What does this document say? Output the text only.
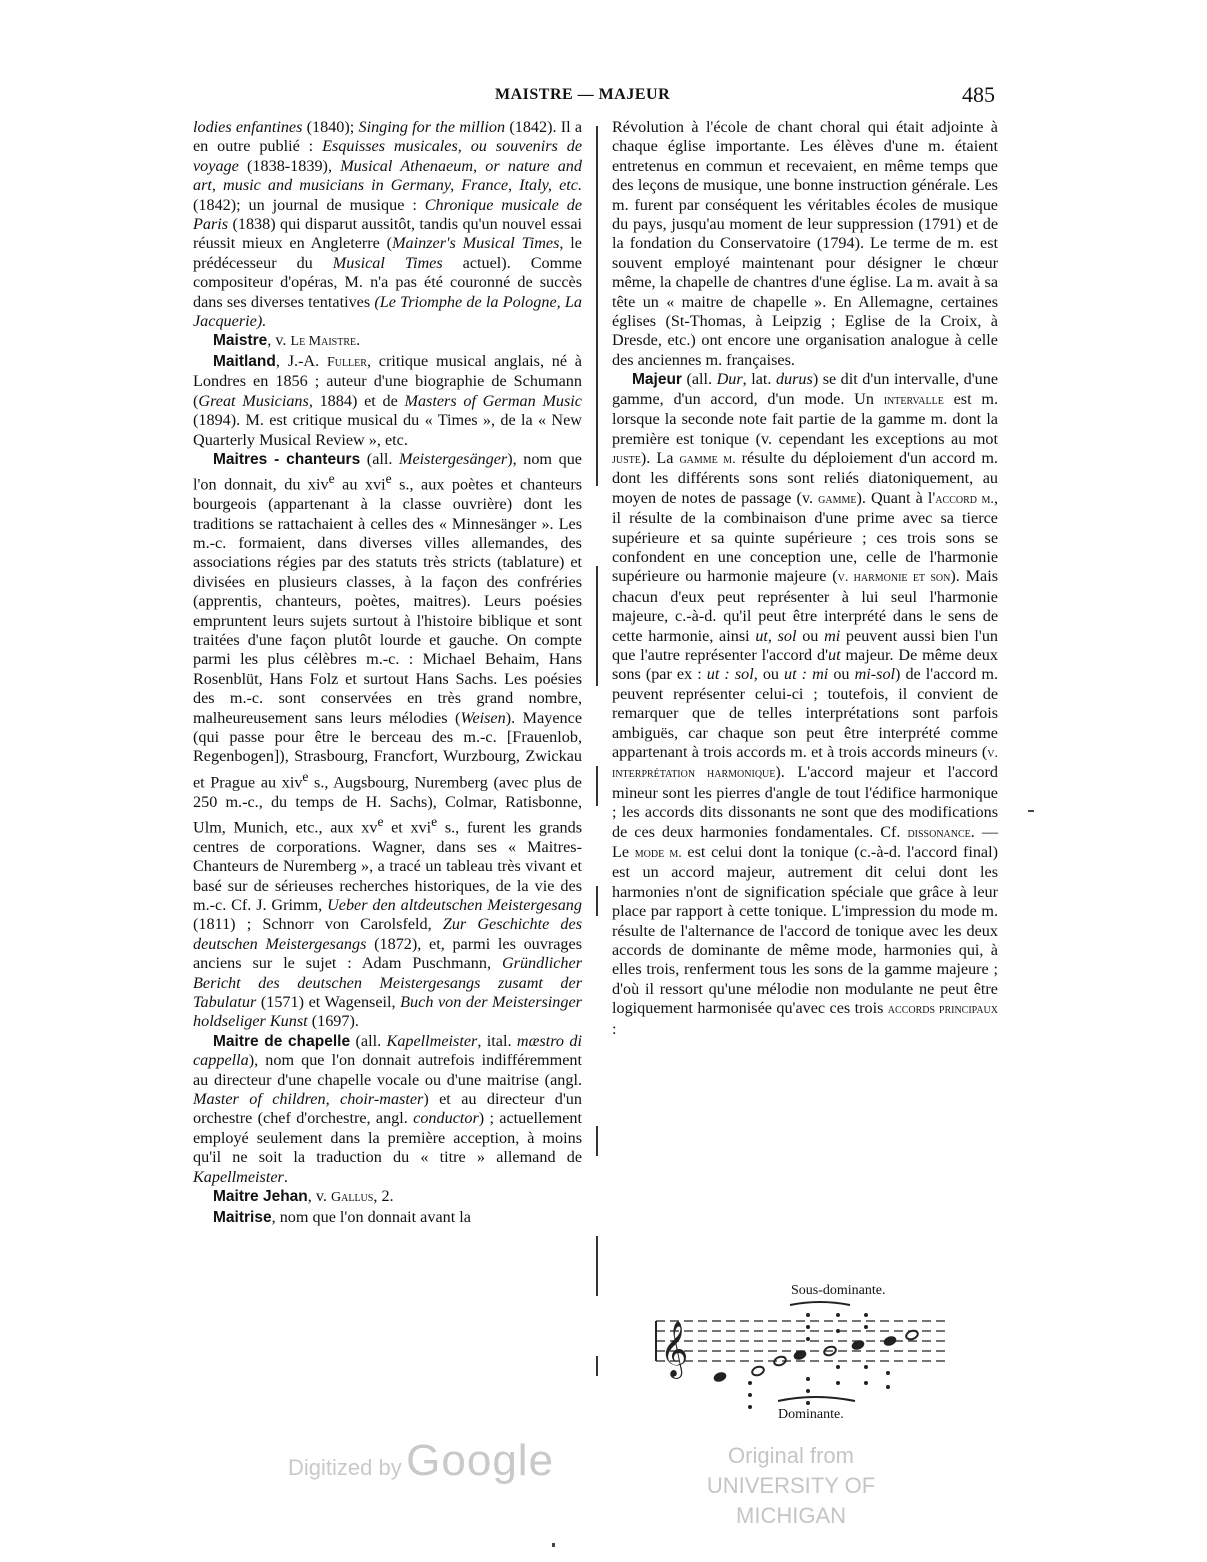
MAISTRE — MAJEUR	485

lodies enfantines (1840); Singing for the million (1842). Il a en outre publié : Esquisses musicales, ou souvenirs de voyage (1838-1839), Musical Athenaeum, or nature and art, music and musicians in Germany, France, Italy, etc. (1842); un journal de musique : Chronique musicale de Paris (1838) qui disparut aussitôt, tandis qu'un nouvel essai réussit mieux en Angleterre (Mainzer's Musical Times, le prédécesseur du Musical Times actuel). Comme compositeur d'opéras, M. n'a pas été couronné de succès dans ses diverses tentatives (Le Triomphe de la Pologne, La Jacquerie).

Maistre, v. Le Maistre.

Maitland, J.-A. Fuller, critique musical anglais, né à Londres en 1856 ; auteur d'une biographie de Schumann (Great Musicians, 1884) et de Masters of German Music (1894). M. est critique musical du « Times », de la « New Quarterly Musical Review », etc.

Maitres - chanteurs (all. Meistergesänger), nom que l'on donnait, du xiv$^e$ au xvi$^e$ s., aux poètes et chanteurs bourgeois (appartenant à la classe ouvrière) dont les traditions se rattachaient à celles des « Minnesänger ». Les m.-c. formaient, dans diverses villes allemandes, des associations régies par des statuts très stricts (tablature) et divisées en plusieurs classes, à la façon des confréries (apprentis, chanteurs, poètes, maitres). Leurs poésies empruntent leurs sujets surtout à l'histoire biblique et sont traitées d'une façon plutôt lourde et gauche. On compte parmi les plus célèbres m.-c. : Michael Behaim, Hans Rosenblüt, Hans Folz et surtout Hans Sachs. Les poésies des m.-c. sont conservées en très grand nombre, malheureusement sans leurs mélodies (Weisen). Mayence (qui passe pour être le berceau des m.-c. [Frauenlob, Regenbogen]), Strasbourg, Francfort, Wurzbourg, Zwickau et Prague au xiv$^e$ s., Augsbourg, Nuremberg (avec plus de 250 m.-c., du temps de H. Sachs), Colmar, Ratisbonne, Ulm, Munich, etc., aux $xv^e$ et xvi$^e$ s., furent les grands centres de corporations. Wagner, dans ses « Maitres-Chanteurs de Nuremberg », a tracé un tableau très vivant et basé sur de sérieuses recherches historiques, de la vie des m.-c. Cf. J. Grimm, Ueber den altdeutschen Meistergesang (1811) ; Schnorr von Carolsfeld, Zur Geschichte des deutschen Meistergesangs (1872), et, parmi les ouvrages anciens sur le sujet : Adam Puschmann, Gründlicher Bericht des deutschen Meistergesangs zusamt der Tabulatur (1571) et Wagenseil, Buch von der Meistersinger holdseliger Kunst (1697).

Maitre de chapelle (all. Kapellmeister, ital. mæstro di cappella), nom que l'on donnait autrefois indifféremment au directeur d'une chapelle vocale ou d'une maitrise (angl. Master of children, choir-master) et au directeur d'un orchestre (chef d'orchestre, angl. conductor) ; actuellement employé seulement dans la première acception, à moins qu'il ne soit la traduction du « titre » allemand de Kapellmeister.

Maitre Jehan, v. Gallus, 2.

Maitrise, nom que l'on donnait avant la

Révolution à l'école de chant choral qui était adjointe à chaque église importante. Les élèves d'une m. étaient entretenus en commun et recevaient, en même temps que des leçons de musique, une bonne instruction générale. Les m. furent par conséquent les véritables écoles de musique du pays, jusqu'au moment de leur suppression (1791) et de la fondation du Conservatoire (1794). Le terme de m. est souvent employé maintenant pour désigner le chœur même, la chapelle de chantres d'une église. La m. avait à sa tête un « maitre de chapelle ». En Allemagne, certaines églises (St-Thomas, à Leipzig ; Eglise de la Croix, à Dresde, etc.) ont encore une organisation analogue à celle des anciennes m. françaises.

Majeur (all. Dur, lat. durus) se dit d'un intervalle, d'une gamme, d'un accord, d'un mode. Un intervalle est m. lorsque la seconde note fait partie de la gamme m. dont la première est tonique (v. cependant les exceptions au mot juste). La gamme m. résulte du déploiement d'un accord m. dont les différents sons sont reliés diatoniquement, au moyen de notes de passage (v. gamme). Quant à l'accord m., il résulte de la combinaison d'une prime avec sa tierce supérieure et sa quinte supérieure ; ces trois sons se confondent en une conception une, celle de l'harmonie supérieure ou harmonie majeure (v. harmonie et son). Mais chacun d'eux peut représenter à lui seul l'harmonie majeure, c.-à-d. qu'il peut être interprété dans le sens de cette harmonie, ainsi ut, sol ou mi peuvent aussi bien l'un que l'autre représenter l'accord d'ut majeur. De même deux sons (par ex : ut : sol, ou ut : mi ou mi-sol) de l'accord m. peuvent représenter celui-ci ; toutefois, il convient de remarquer que de telles interprétations sont parfois ambiguës, car chaque son peut être interprété comme appartenant à trois accords m. et à trois accords mineurs (v. interprétation harmonique). L'accord majeur et l'accord mineur sont les pierres d'angle de tout l'édifice harmonique ; les accords dits dissonants ne sont que des modifications de ces deux harmonies fondamentales. Cf. dissonance. — Le mode m. est celui dont la tonique (c.-à-d. l'accord final) est un accord majeur, autrement dit celui dont les harmonies n'ont de signification spéciale que grâce à leur place par rapport à cette tonique. L'impression du mode m. résulte de l'alternance de l'accord de tonique avec les deux accords de dominante de même mode, harmonies qui, à elles trois, renferment tous les sons de la gamme majeure ; d'où il ressort qu'une mélodie non modulante ne peut être logiquement harmonisée qu'avec ces trois accords principaux :

Sous-dominante.
𝄞
Dominante.
Digitized by Google	Original from
UNIVERSITY OF MICHIGAN
